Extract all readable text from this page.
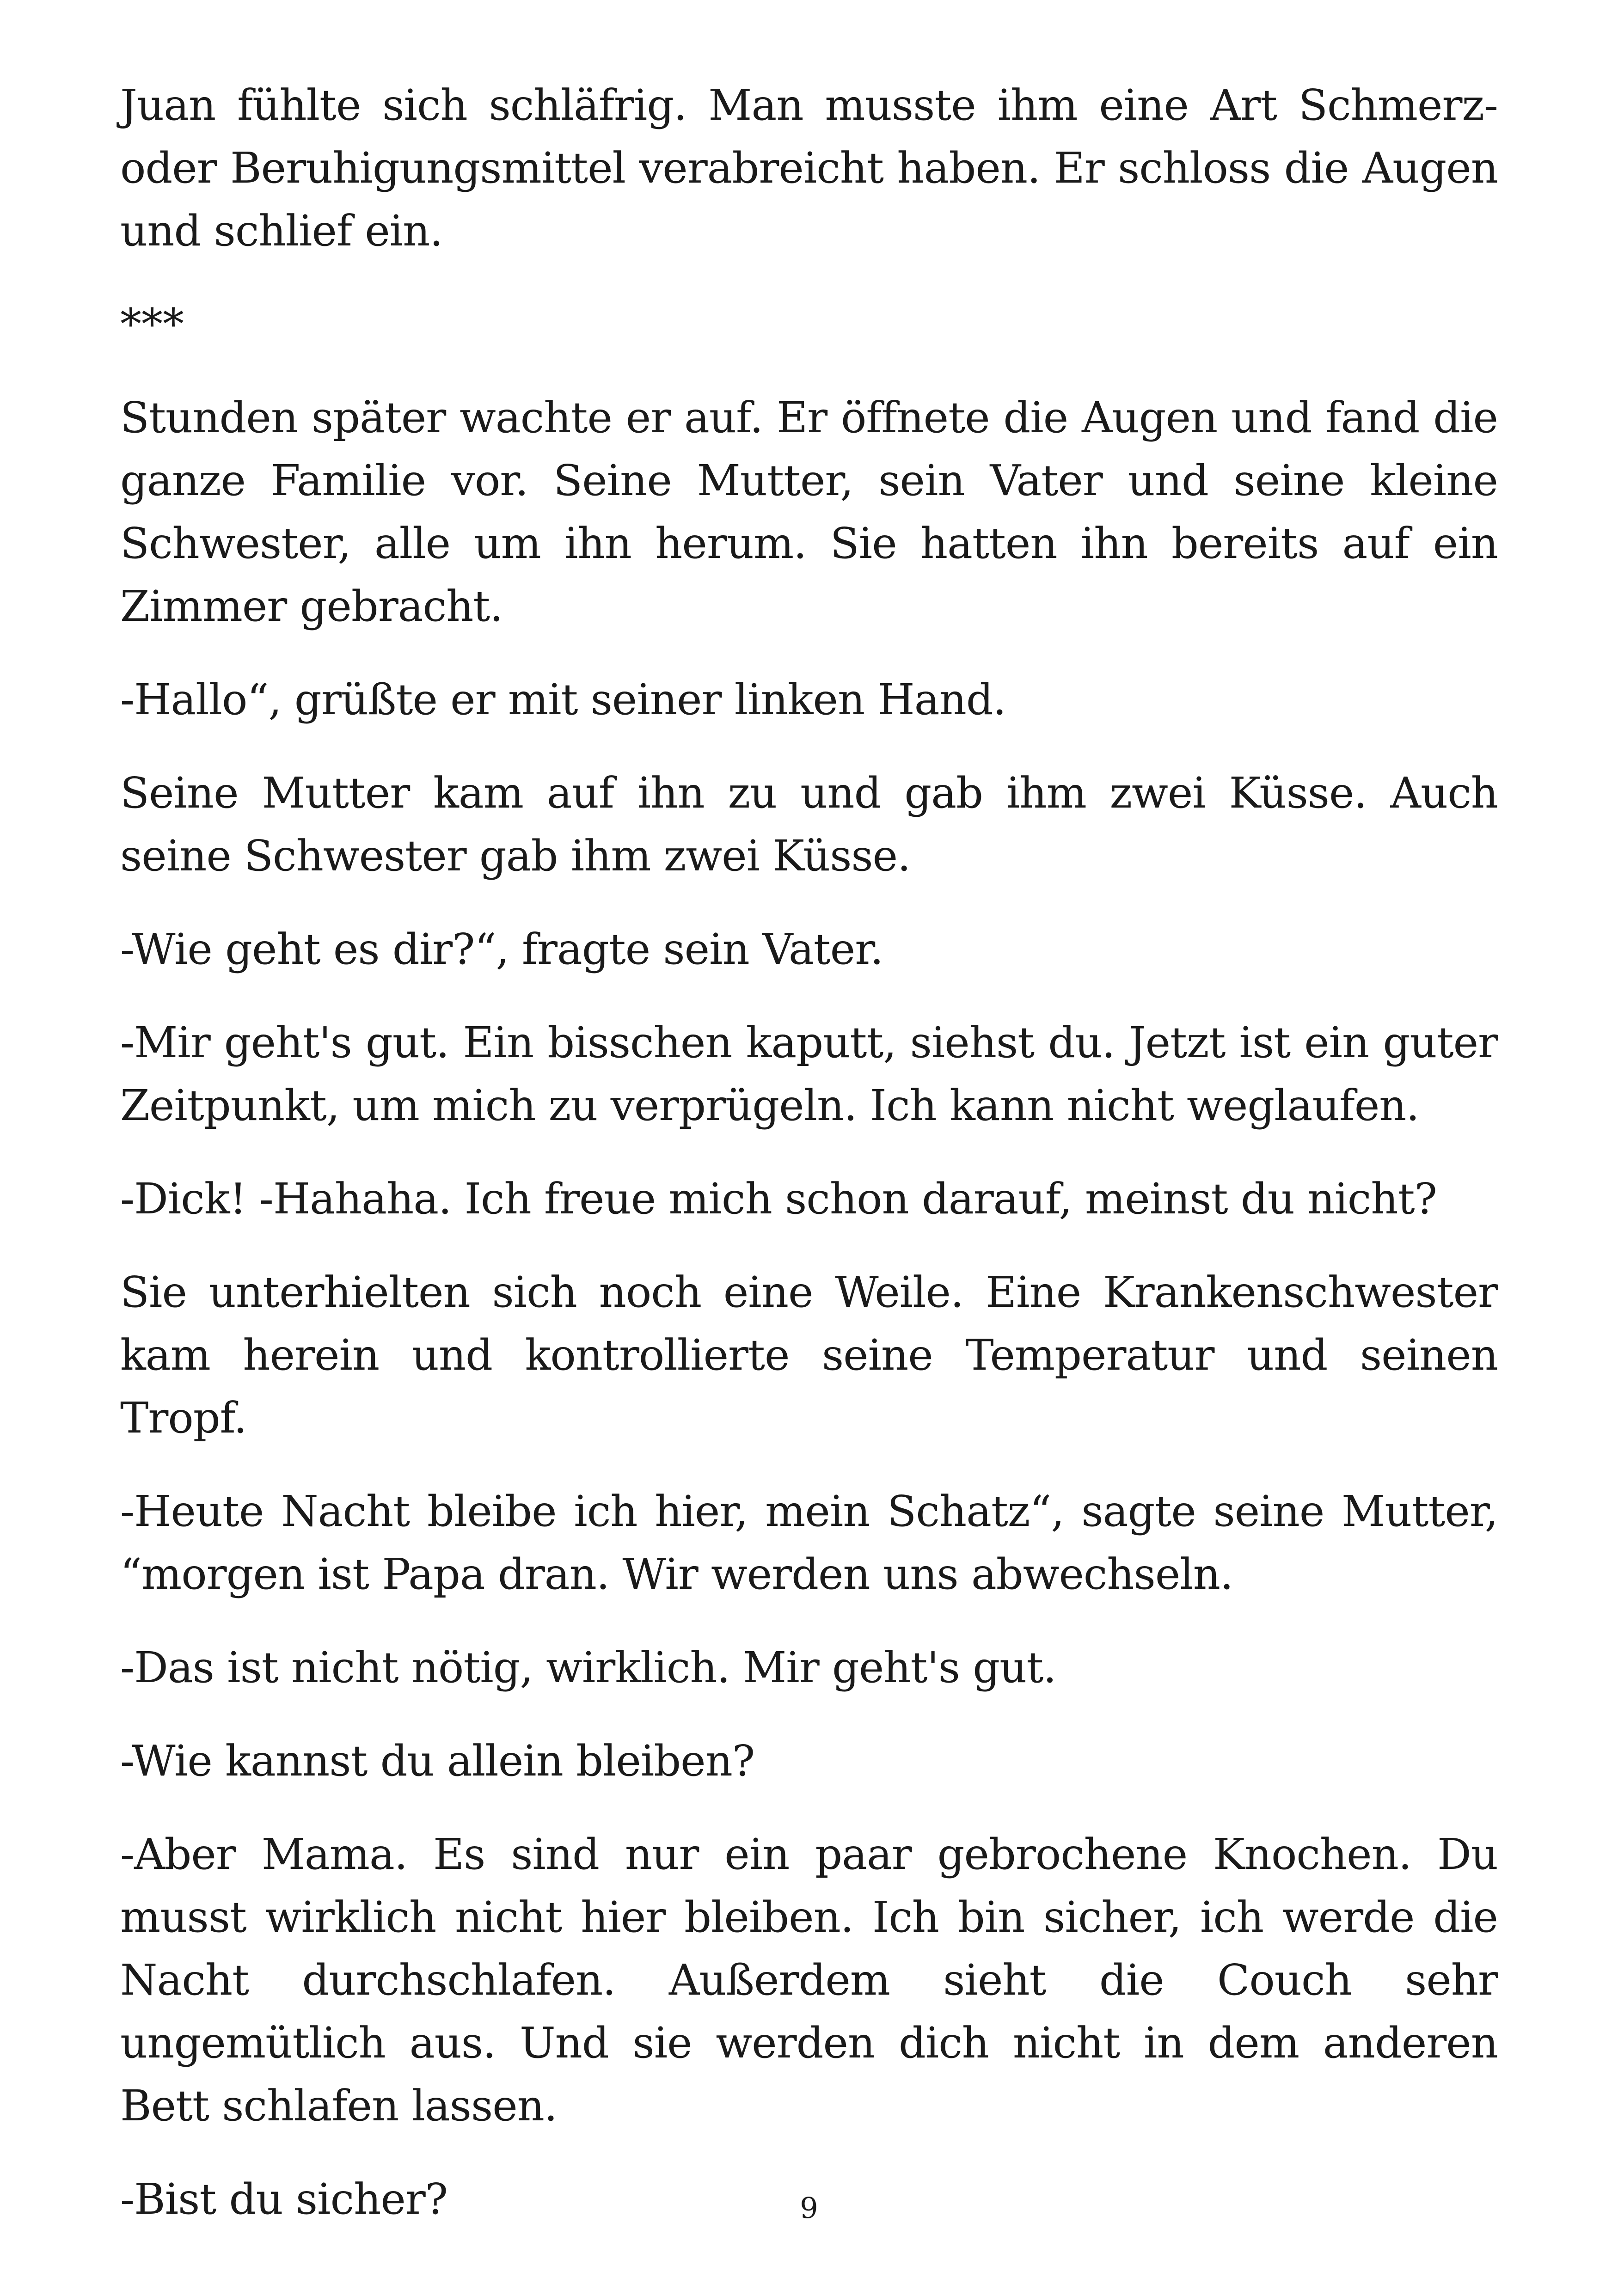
Juan fühlte sich schläfrig. Man musste ihm eine Art Schmerz- oder Beruhigungsmittel verabreicht haben. Er schloss die Augen und schlief ein.

***

Stunden später wachte er auf. Er öffnete die Augen und fand die ganze Familie vor. Seine Mutter, sein Vater und seine kleine Schwester, alle um ihn herum. Sie hatten ihn bereits auf ein Zimmer gebracht.

-Hallo“, grüßte er mit seiner linken Hand.

Seine Mutter kam auf ihn zu und gab ihm zwei Küsse. Auch seine Schwester gab ihm zwei Küsse.

-Wie geht es dir?“, fragte sein Vater.

-Mir geht's gut. Ein bisschen kaputt, siehst du. Jetzt ist ein guter Zeitpunkt, um mich zu verprügeln. Ich kann nicht weglaufen.

-Dick! -Hahaha. Ich freue mich schon darauf, meinst du nicht?

Sie unterhielten sich noch eine Weile. Eine Krankenschwester kam herein und kontrollierte seine Temperatur und seinen Tropf.

-Heute Nacht bleibe ich hier, mein Schatz“, sagte seine Mutter, “morgen ist Papa dran. Wir werden uns abwechseln.

-Das ist nicht nötig, wirklich. Mir geht's gut.

-Wie kannst du allein bleiben?

-Aber Mama. Es sind nur ein paar gebrochene Knochen. Du musst wirklich nicht hier bleiben. Ich bin sicher, ich werde die Nacht durchschlafen. Außerdem sieht die Couch sehr ungemütlich aus. Und sie werden dich nicht in dem anderen Bett schlafen lassen.

-Bist du sicher?	9
